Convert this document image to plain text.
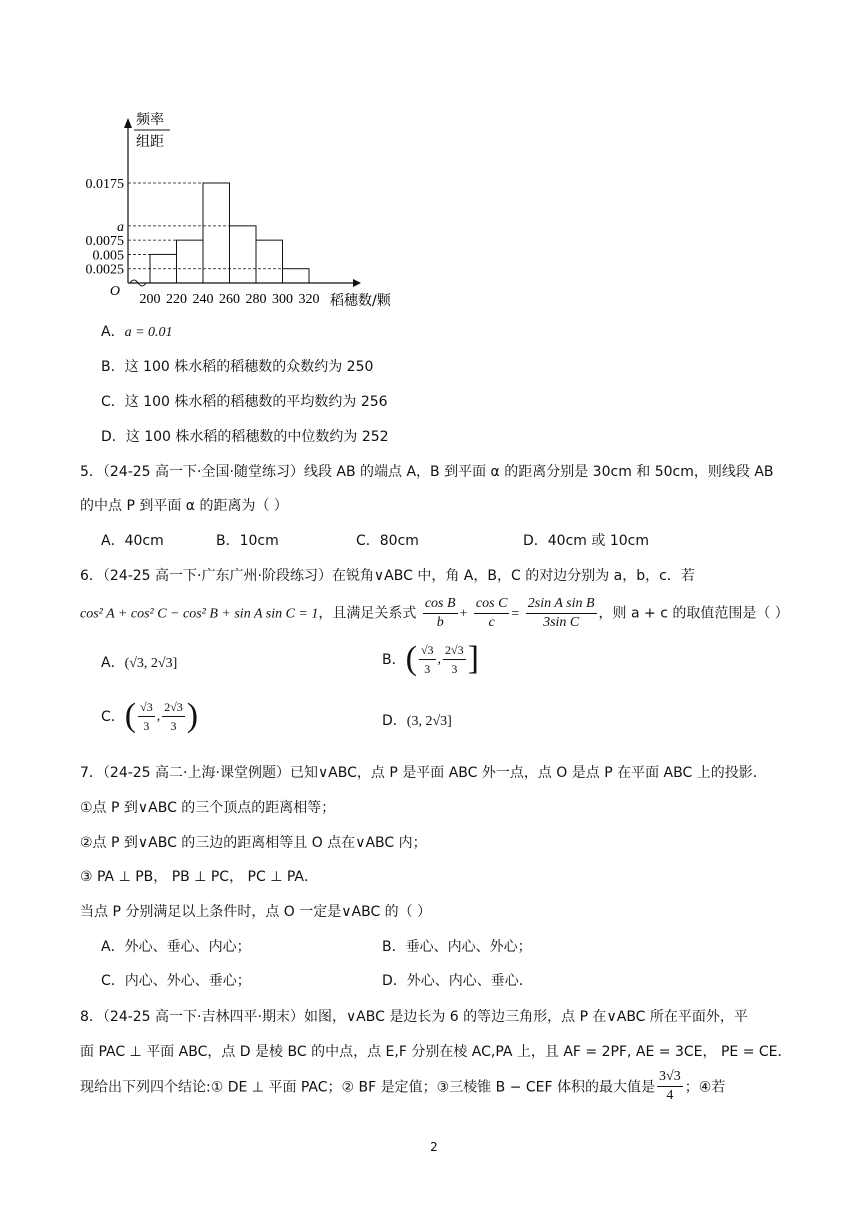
频率
组距
0.0175
a
0.0075
0.005
0.0025
O
200 220 240 260 280 300 320 稻穗数/颗
A．a = 0.01
B．这 100 株水稻的稻穗数的众数约为 250
C．这 100 株水稻的稻穗数的平均数约为 256
D．这 100 株水稻的稻穗数的中位数约为 252
5．（24-25 高一下·全国·随堂练习）线段 AB 的端点 A，B 到平面 α 的距离分别是 30cm 和 50cm，则线段 AB
的中点 P 到平面 α 的距离为（ ）
A．40cm	B．10cm	C．80cm	D．40cm 或 10cm
6．（24-25 高一下·广东广州·阶段练习）在锐角∨ABC 中，角 A，B，C 的对边分别为 a，b，c．若
cos² A + cos² C − cos² B + sin A sin C = 1，且满足关系式 $\frac{\text{cos B}}{b} + \frac{\text{cos C}}{c} = \frac{\text{2sin A sin B}}{\text{3sin C}}$ ，则 a + c 的取值范围是（ ）
A．(√3, 2√3]	B．( $\frac{√3}{3}$ , $\frac{2√3}{3}$ ]
C．( $\frac{√3}{3}$ , $\frac{2√3}{3}$ )	D．(3, 2√3]
7．（24-25 高二·上海·课堂例题）已知∨ABC，点 P 是平面 ABC 外一点，点 O 是点 P 在平面 ABC 上的投影．
①点 P 到∨ABC 的三个顶点的距离相等；
②点 P 到∨ABC 的三边的距离相等且 O 点在∨ABC 内；
③ PA ⊥ PB， PB ⊥ PC， PC ⊥ PA．
当点 P 分别满足以上条件时，点 O 一定是∨ABC 的（ ）
A．外心、垂心、内心；	B．垂心、内心、外心；
C．内心、外心、垂心；	D．外心、内心、垂心．
8．（24-25 高一下·吉林四平·期末）如图，∨ABC 是边长为 6 的等边三角形，点 P 在∨ABC 所在平面外，平
面 PAC ⊥ 平面 ABC，点 D 是棱 BC 的中点，点 E,F 分别在棱 AC,PA 上，且 AF = 2PF, AE = 3CE， PE = CE．
现给出下列四个结论:① DE ⊥ 平面 PAC；② BF 是定值；③三棱锥 B − CEF 体积的最大值是 $\frac{3√3}{4}$ ；④若
2
